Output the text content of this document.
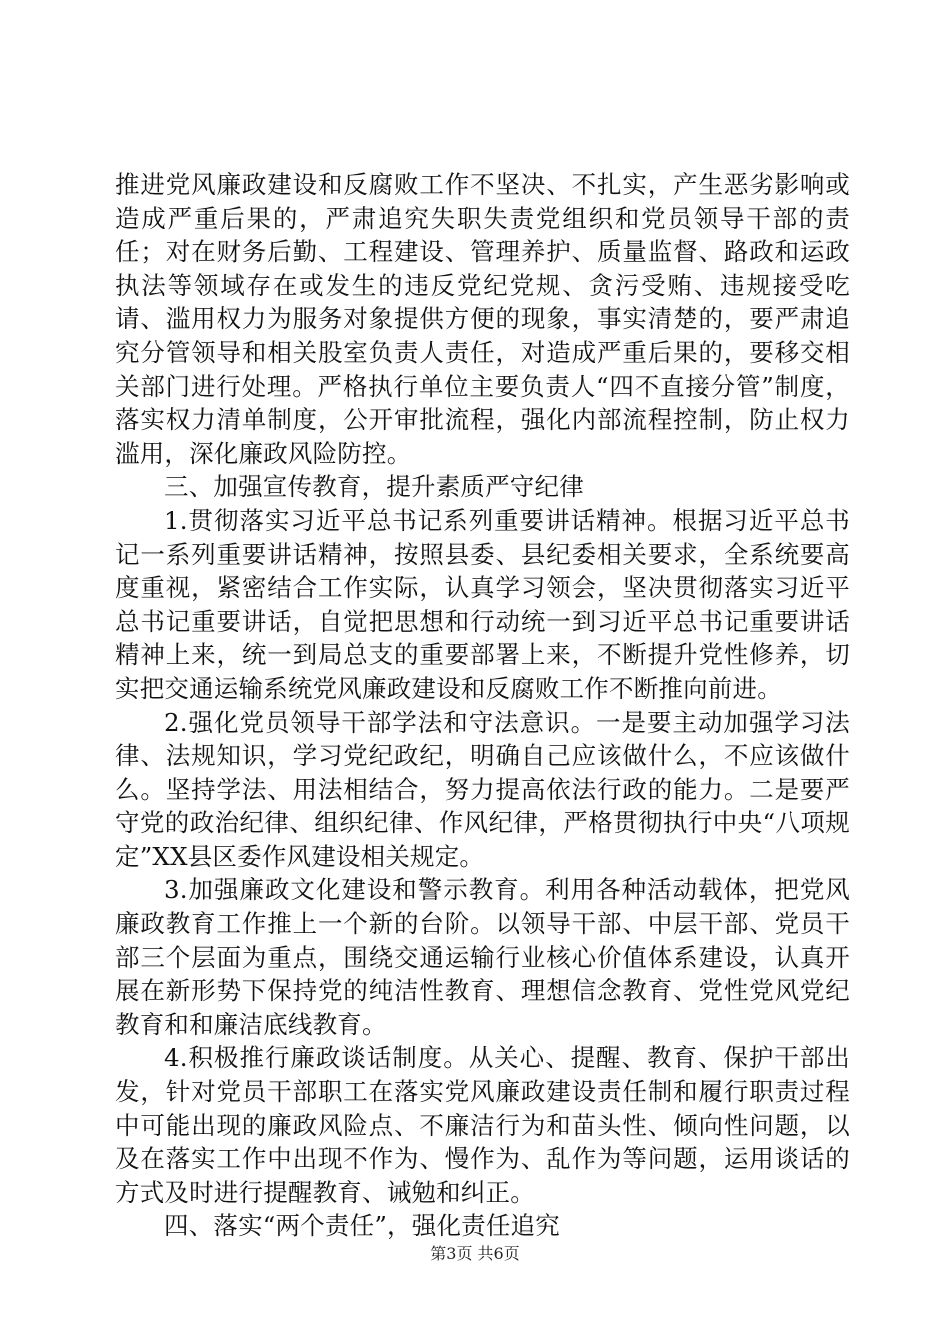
推进党风廉政建设和反腐败工作不坚决、不扎实，产生恶劣影响或造成严重后果的，严肃追究失职失责党组织和党员领导干部的责任；对在财务后勤、工程建设、管理养护、质量监督、路政和运政执法等领域存在或发生的违反党纪党规、贪污受贿、违规接受吃请、滥用权力为服务对象提供方便的现象，事实清楚的，要严肃追究分管领导和相关股室负责人责任，对造成严重后果的，要移交相关部门进行处理。严格执行单位主要负责人“四不直接分管”制度，落实权力清单制度，公开审批流程，强化内部流程控制，防止权力滥用，深化廉政风险防控。

三、加强宣传教育，提升素质严守纪律

1.贯彻落实习近平总书记系列重要讲话精神。根据习近平总书记一系列重要讲话精神，按照县委、县纪委相关要求，全系统要高度重视，紧密结合工作实际，认真学习领会，坚决贯彻落实习近平总书记重要讲话，自觉把思想和行动统一到习近平总书记重要讲话精神上来，统一到局总支的重要部署上来，不断提升党性修养，切实把交通运输系统党风廉政建设和反腐败工作不断推向前进。

2.强化党员领导干部学法和守法意识。一是要主动加强学习法律、法规知识，学习党纪政纪，明确自己应该做什么，不应该做什么。坚持学法、用法相结合，努力提高依法行政的能力。二是要严守党的政治纪律、组织纪律、作风纪律，严格贯彻执行中央“八项规定”XX县区委作风建设相关规定。

3.加强廉政文化建设和警示教育。利用各种活动载体，把党风廉政教育工作推上一个新的台阶。以领导干部、中层干部、党员干部三个层面为重点，围绕交通运输行业核心价值体系建设，认真开展在新形势下保持党的纯洁性教育、理想信念教育、党性党风党纪教育和和廉洁底线教育。

4.积极推行廉政谈话制度。从关心、提醒、教育、保护干部出发，针对党员干部职工在落实党风廉政建设责任制和履行职责过程中可能出现的廉政风险点、不廉洁行为和苗头性、倾向性问题，以及在落实工作中出现不作为、慢作为、乱作为等问题，运用谈话的方式及时进行提醒教育、诫勉和纠正。

四、落实“两个责任”，强化责任追究

第3页 共6页
